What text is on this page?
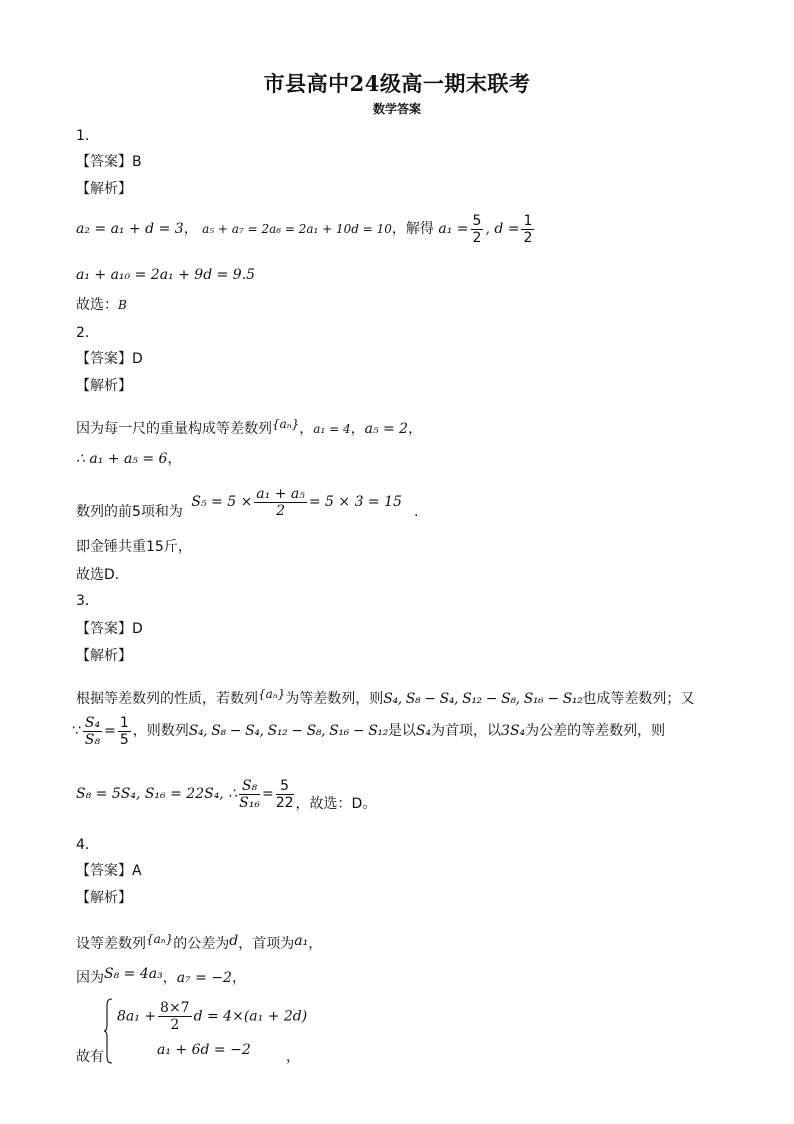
市县高中24级高一期末联考
数学答案
1．
【答案】B
【解析】
a₂ = a₁ + d = 3， a₅ + a₇ = 2a₆ = 2a₁ + 10d = 10，解得 $a_1 = \frac{5}{2}$ , $d = \frac{1}{2}$
a₁ + a₁₀ = 2a₁ + 9d = 9.5
故选：B
2．
【答案】D
【解析】
因为每一尺的重量构成等差数列{aₙ}，a₁ = 4，a₅ = 2，
∴ a₁ + a₅ = 6，
数列的前5项和为 $S_5 = 5 \times \frac{\text{a₁ + a₅}}{2} = 5 \times 3 = 15$.
即金锤共重15斤，
故选D．
3．
【答案】D
【解析】
根据等差数列的性质，若数列{aₙ}为等差数列，则S₄, S₈ − S₄, S₁₂ − S₈, S₁₆ − S₁₂也成等差数列；又
∵ $\frac{\text{S₄}}{\text{S₈}} = \frac{1}{5}$ ，则数列S₄, S₈ − S₄, S₁₂ − S₈, S₁₆ − S₁₂是以S₄为首项，以3S₄为公差的等差数列，则
S₈ = 5S₄, S₁₆ = 22S₄, ∴ $\frac{\text{S₈}}{\text{S₁₆}} = \frac{5}{22}$ ，故选：D。
4．
【答案】A
【解析】
设等差数列{aₙ}的公差为d，首项为a₁，
因为S₈ = 4a₃，a₇ = −2，
$8a_1 + \frac{8\times 7}{2}$ d = 4×(a₁ + 2d)
a₁ + 6d = −2
故有	，
